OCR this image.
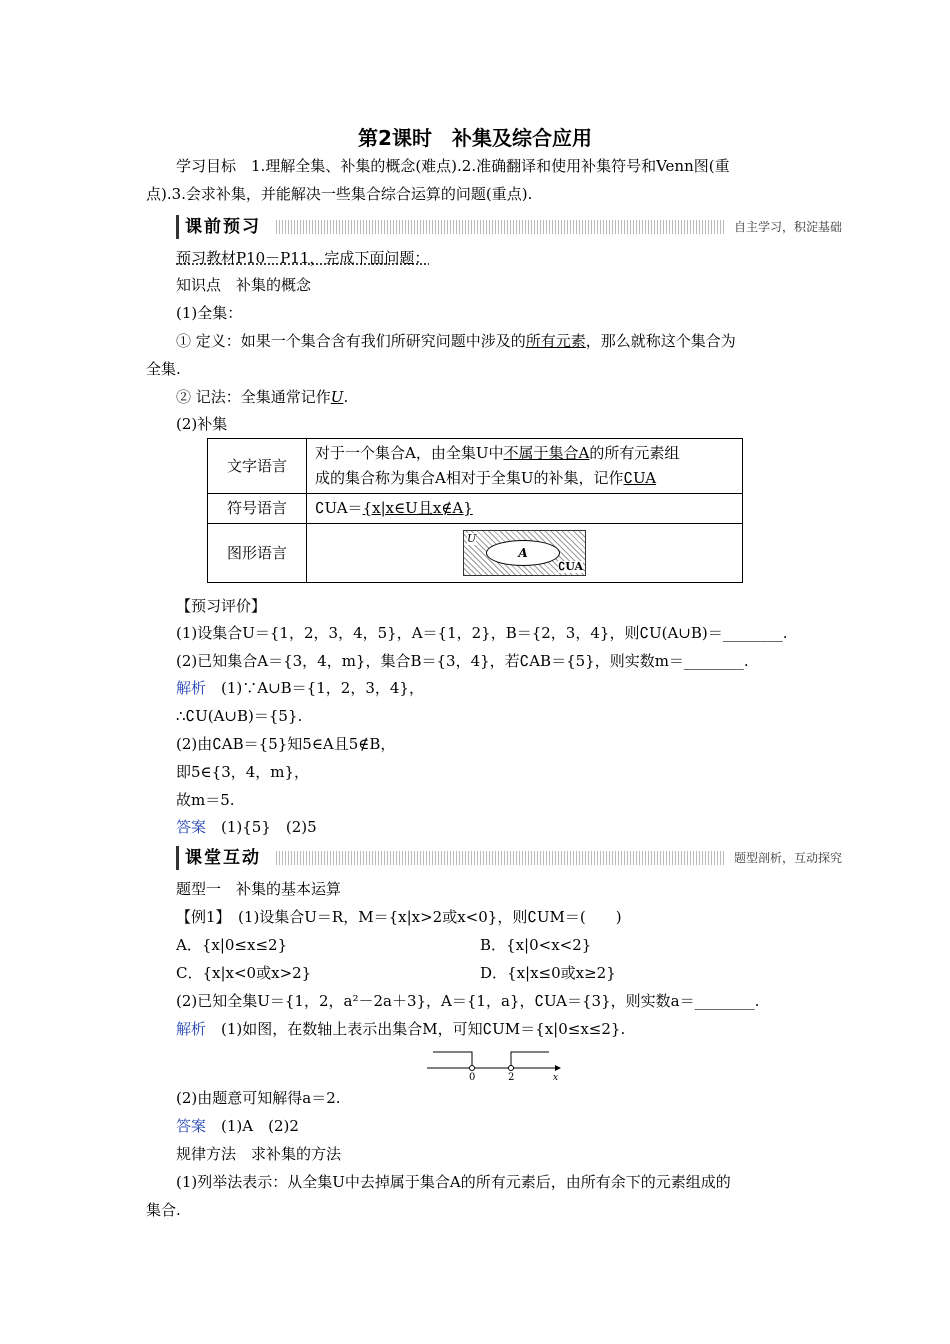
第2课时　补集及综合应用
学习目标　1.理解全集、补集的概念(难点).2.准确翻译和使用补集符号和Venn图(重
点).3.会求补集，并能解决一些集合综合运算的问题(重点).
课前预习	自主学习，积淀基础
预习教材P10－P11，完成下面问题：
知识点　补集的概念
(1)全集：
① 定义：如果一个集合含有我们所研究问题中涉及的所有元素，那么就称这个集合为
全集.
② 记法：全集通常记作U.
(2)补集
文字语言	对于一个集合A，由全集U中不属于集合A的所有元素组
成的集合称为集合A相对于全集U的补集，记作∁UA

符号语言	∁UA＝{x|x∈U且x∉A}
图形语言	U
A
∁UA
【预习评价】
(1)设集合U＝{1，2，3，4，5}，A＝{1，2}，B＝{2，3，4}，则∁U(A∪B)＝________.
(2)已知集合A＝{3，4，m}，集合B＝{3，4}，若∁AB＝{5}，则实数m＝________.
解析　(1)∵A∪B＝{1，2，3，4}，
∴∁U(A∪B)＝{5}.
(2)由∁AB＝{5}知5∈A且5∉B，
即5∈{3，4，m}，
故m＝5.
答案　(1){5}　(2)5
课堂互动	题型剖析，互动探究
题型一　补集的基本运算
【例1】　(1)设集合U＝R，M＝{x|x>2或x<0}，则∁UM＝(　　)
A．{x|0≤x≤2}	B．{x|0<x<2}
C．{x|x<0或x>2}	D．{x|x≤0或x≥2}
(2)已知全集U＝{1，2，a²－2a＋3}，A＝{1，a}，∁UA＝{3}，则实数a＝________.
解析　(1)如图，在数轴上表示出集合M，可知∁UM＝{x|0≤x≤2}.
0	2	x
(2)由题意可知解得a＝2.
答案　(1)A　(2)2
规律方法　求补集的方法
(1)列举法表示：从全集U中去掉属于集合A的所有元素后，由所有余下的元素组成的
集合.
